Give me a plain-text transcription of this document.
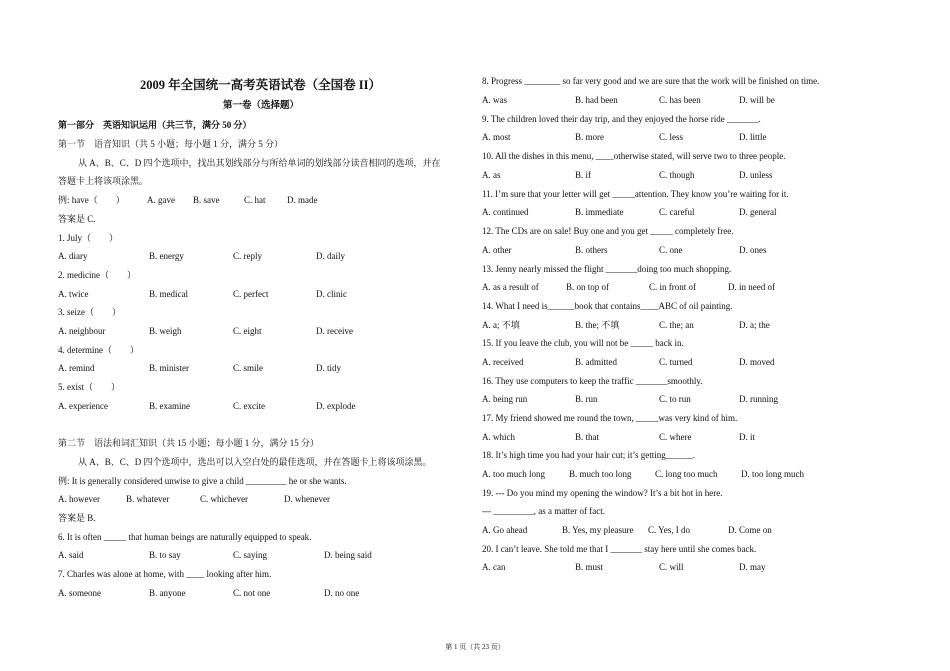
2009 年全国统一高考英语试卷（全国卷 II）
第一卷（选择题）
第一部分　英语知识运用（共三节，满分 50 分）
第一节　语音知识（共 5 小题；每小题 1 分，满分 5 分）
从 A、B、C、D 四个选项中，找出其划线部分与所给单词的划线部分读音相同的选项，并在
答题卡上将该项涂黑。
例: have（　　） A. gave B. save	C. hat D. made
答案是 C.
1. July（　　）
A. diary	B. energy	C. reply	D. daily
2. medicine（　　）
A. twice	B. medical	C. perfect	D. clinic
3. seize（　　）
A. neighbour	B. weigh	C. eight	D. receive
4. determine（　　）
A. remind	B. minister	C. smile	D. tidy
5. exist（　　）
A. experience	B. examine	C. excite	D. explode
第二节　语法和词汇知识（共 15 小题；每小题 1 分，满分 15 分）
从 A、B、C、D 四个选项中，选出可以入空白处的最佳选项，并在答题卡上将该项涂黑。
例: It is generally considered unwise to give a child _________ he or she wants.
A. however	B. whatever	C. whichever	D. whenever
答案是 B.
6. It is often _____ that human beings are naturally equipped to speak.
A. said	B. to say	C. saying	D. being said
7. Charles was alone at home, with ____ looking after him.
A. someone	B. anyone	C. not one	D. no one
8. Progress ________ so far very good and we are sure that the work will be finished on time.
A. was	B. had been	C. has been	D. will be
9. The children loved their day trip, and they enjoyed the horse ride _______.
A. most	B. more	C. less	D. little
10. All the dishes in this menu, ____otherwise stated, will serve two to three people.
A. as	B. if	C. though	D. unless
11. I’m sure that your letter will get _____attention. They know you’re waiting for it.
A. continued	B. immediate	C. careful	D. general
12. The CDs are on sale! Buy one and you get _____ completely free.
A. other	B. others	C. one	D. ones
13. Jenny nearly missed the flight _______doing too much shopping.
A. as a result of	B. on top of	C. in front of	D. in need of
14. What I need is______book that contains____ABC of oil painting.
A. a; 不填	B. the; 不填	C. the; an	D. a; the
15. If you leave the club, you will not be _____ back in.
A. received	B. admitted	C. turned	D. moved
16. They use computers to keep the traffic _______smoothly.
A. being run	B. run	C. to run	D. running
17. My friend showed me round the town, _____was very kind of him.
A. which	B. that	C. where	D. it
18. It’s high time you had your hair cut; it’s getting______.
A. too much long	B. much too long	C. long too much	D. too long much
19. --- Do you mind my opening the window? It’s a bit hot in here.
--- _________, as a matter of fact.
A. Go ahead	B. Yes, my pleasure C. Yes, I do	D. Come on
20. I can’t leave. She told me that I _______ stay here until she comes back.
A. can	B. must	C. will	D. may
第 1 页（共 23 页）
